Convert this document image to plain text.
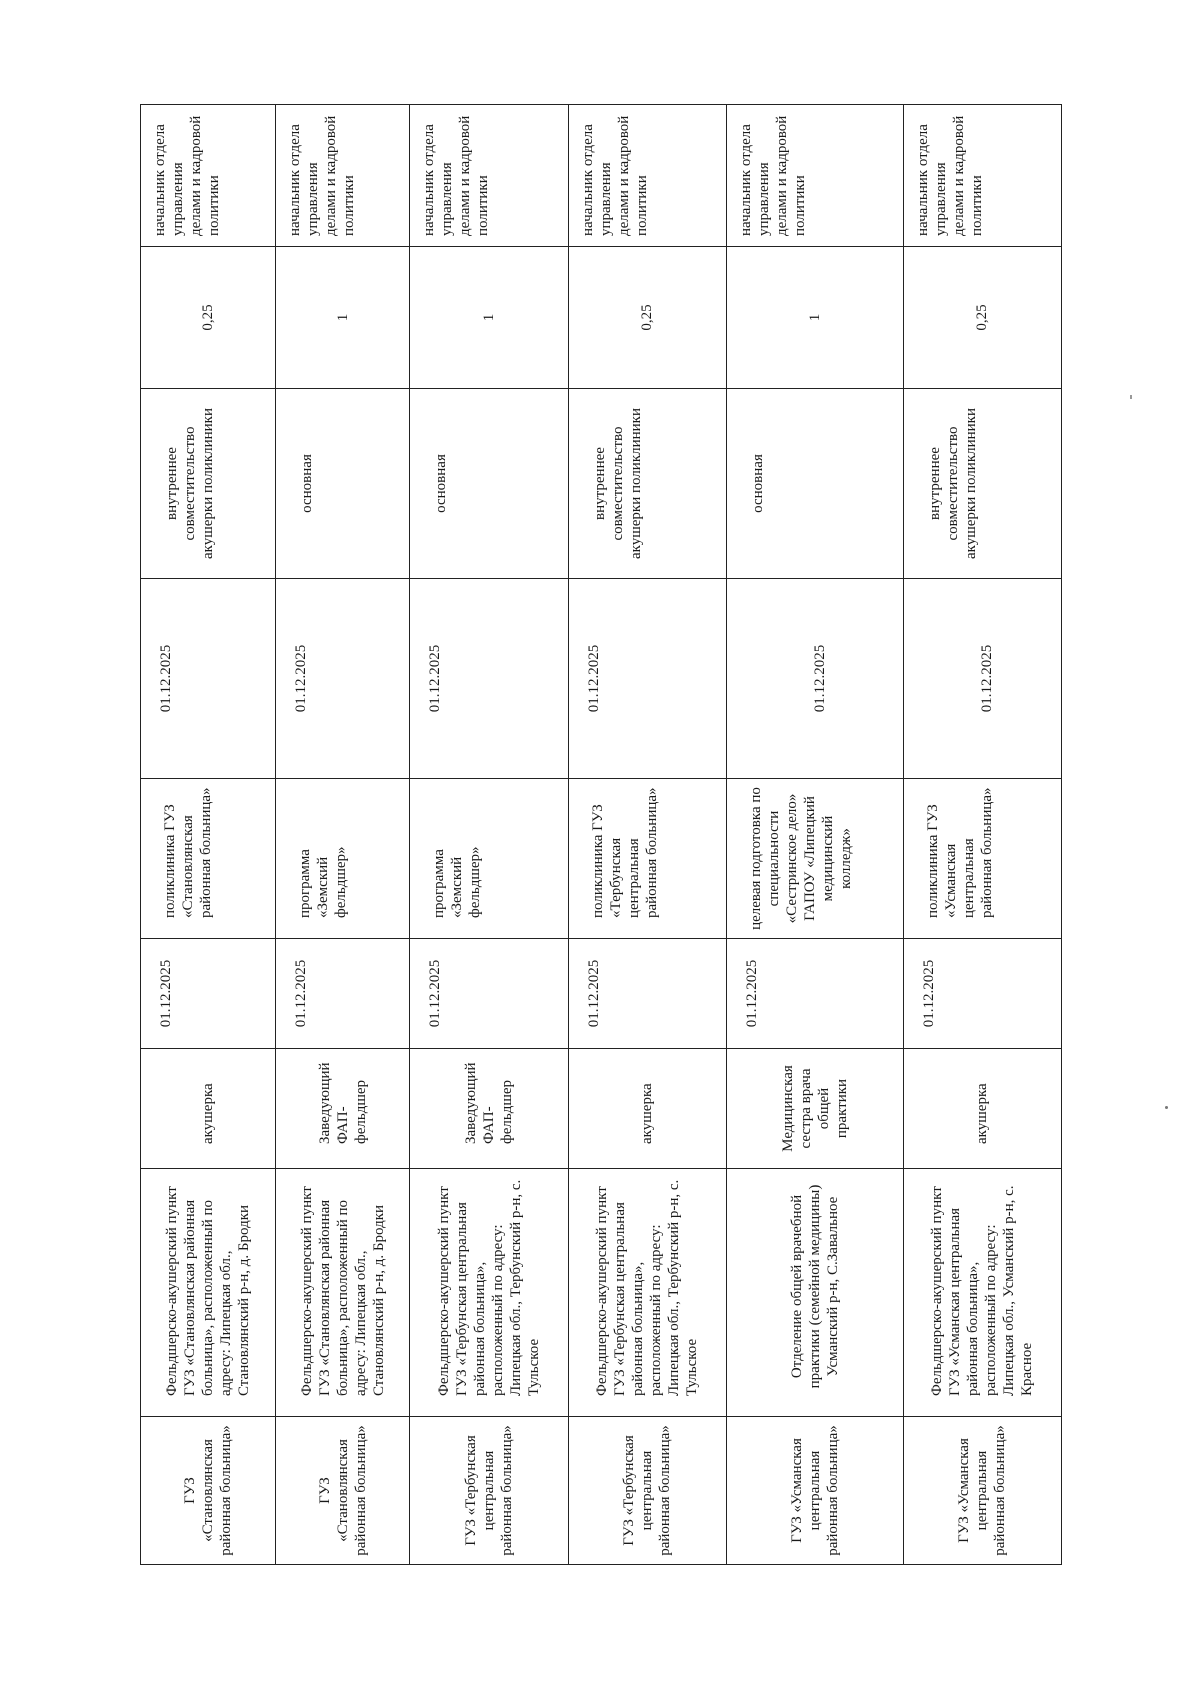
ГУЗ «Становлянская районная больница»	Фельдшерско-акушерский пункт ГУЗ «Становлянская районная больница», расположенный по адресу: Липецкая обл., Становлянский р-н, д. Бродки	акушерка	01.12.2025	поликлиника ГУЗ «Становлянская районная больница»	01.12.2025	внутреннее совместительство акушерки поликлиники	0,25	начальник отдела управления делами и кадровой политики

ГУЗ «Становлянская районная больница»	Фельдшерско-акушерский пункт ГУЗ «Становлянская районная больница», расположенный по адресу: Липецкая обл., Становлянский р-н, д. Бродки	Заведующий ФАП-фельдшер	01.12.2025	программа «Земский фельдшер»	01.12.2025	основная	1	начальник отдела управления делами и кадровой политики

ГУЗ «Тербунская центральная районная больница»	Фельдшерско-акушерский пункт ГУЗ «Тербунская центральная районная больница», расположенный по адресу: Липецкая обл., Тербунский р-н, с. Тульское	Заведующий ФАП-фельдшер	01.12.2025	программа «Земский фельдшер»	01.12.2025	основная	1	начальник отдела управления делами и кадровой политики

ГУЗ «Тербунская центральная районная больница»	Фельдшерско-акушерский пункт ГУЗ «Тербунская центральная районная больница», расположенный по адресу: Липецкая обл., Тербунский р-н, с. Тульское	акушерка	01.12.2025	поликлиника ГУЗ «Тербунская центральная районная больница»	01.12.2025	внутреннее совместительство акушерки поликлиники	0,25	начальник отдела управления делами и кадровой политики

ГУЗ «Усманская центральная районная больница»	Отделение общей врачебной практики (семейной медицины) Усманский р-н, С.Завальное	Медицинская сестра врача общей практики	01.12.2025	целевая подготовка по специальности «Сестринское дело» ГАПОУ «Липецкий медицинский колледж»	01.12.2025	основная	1	начальник отдела управления делами и кадровой политики

ГУЗ «Усманская центральная районная больница»	Фельдшерско-акушерский пункт ГУЗ «Усманская центральная районная больница», расположенный по адресу: Липецкая обл., Усманский р-н, с. Красное	акушерка	01.12.2025	поликлиника ГУЗ «Усманская центральная районная больница»	01.12.2025	внутреннее совместительство акушерки поликлиники	0,25	начальник отдела управления делами и кадровой политики
